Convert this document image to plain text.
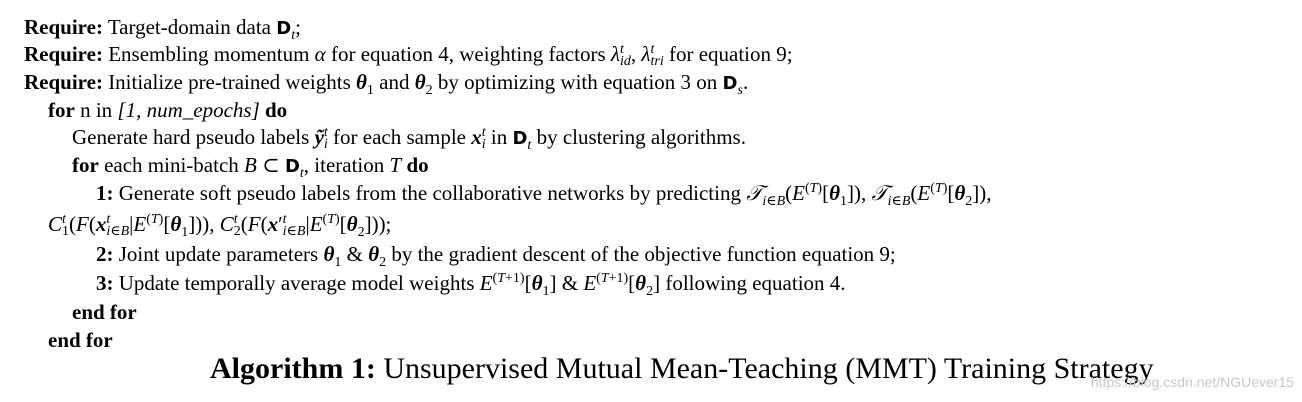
Require: Target-domain data $D_t$;
Require: Ensembling momentum α for equation 4, weighting factors λ t
id , λ t
tri for equation 9;
Require: Initialize pre-trained weights $\theta_1$ and $\theta_2$ by optimizing with equation 3 on $D_s$.
for n in [1, num_epochs] do
Generate hard pseudo labels ỹ t
i for each sample x t
i in $D_t$ by clustering algorithms.
for each mini-batch B ⊂ $D_t$, iteration T do
1: Generate soft pseudo labels from the collaborative networks by predicting $𝒯_{i\in B}(E^{(T)}[\theta_1])$, $𝒯_{i\in B}(E^{(T)}[\theta_2])$,
C t
1 (F(x t
i∈B $|E^{(T)}[\theta_1]$)), C t
2 (F(x′ t
i∈B $|E^{(T)}[\theta_2]$));
2: Joint update parameters $\theta_1$ & $\theta_2$ by the gradient descent of the objective function equation 9;
3: Update temporally average model weights $E^{(T+1)}[\theta_1]$ & $E^{(T+1)}[\theta_2]$ following equation 4.
end for
end for
Algorithm 1: Unsupervised Mutual Mean-Teaching (MMT) Training Strategy
https://blog.csdn.net/NGUever15
